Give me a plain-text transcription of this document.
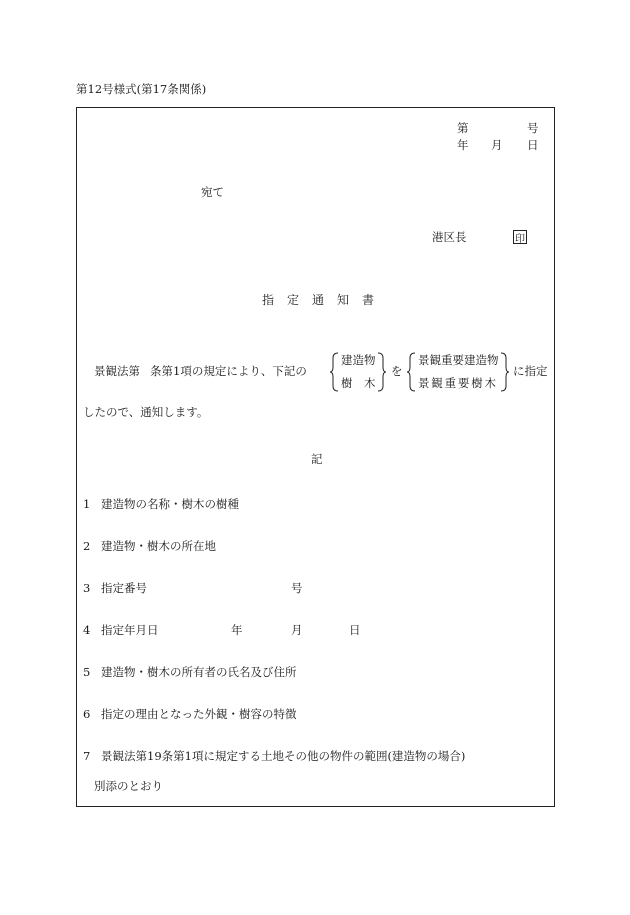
第12号様式(第17条関係)
第	号
年 月 日
宛て
港区長	印
指定通知書
景観法第 条第1項の規定により、下記の
建造物
樹　木
を
景観重要建造物
景観重要樹木
に指定
したので、通知します。
記
1 建造物の名称・樹木の樹種
2 建造物・樹木の所在地
3 指定番号	号
4 指定年月日	年	月	日
5 建造物・樹木の所有者の氏名及び住所
6 指定の理由となった外観・樹容の特徴
7 景観法第19条第1項に規定する土地その他の物件の範囲(建造物の場合)
別添のとおり
